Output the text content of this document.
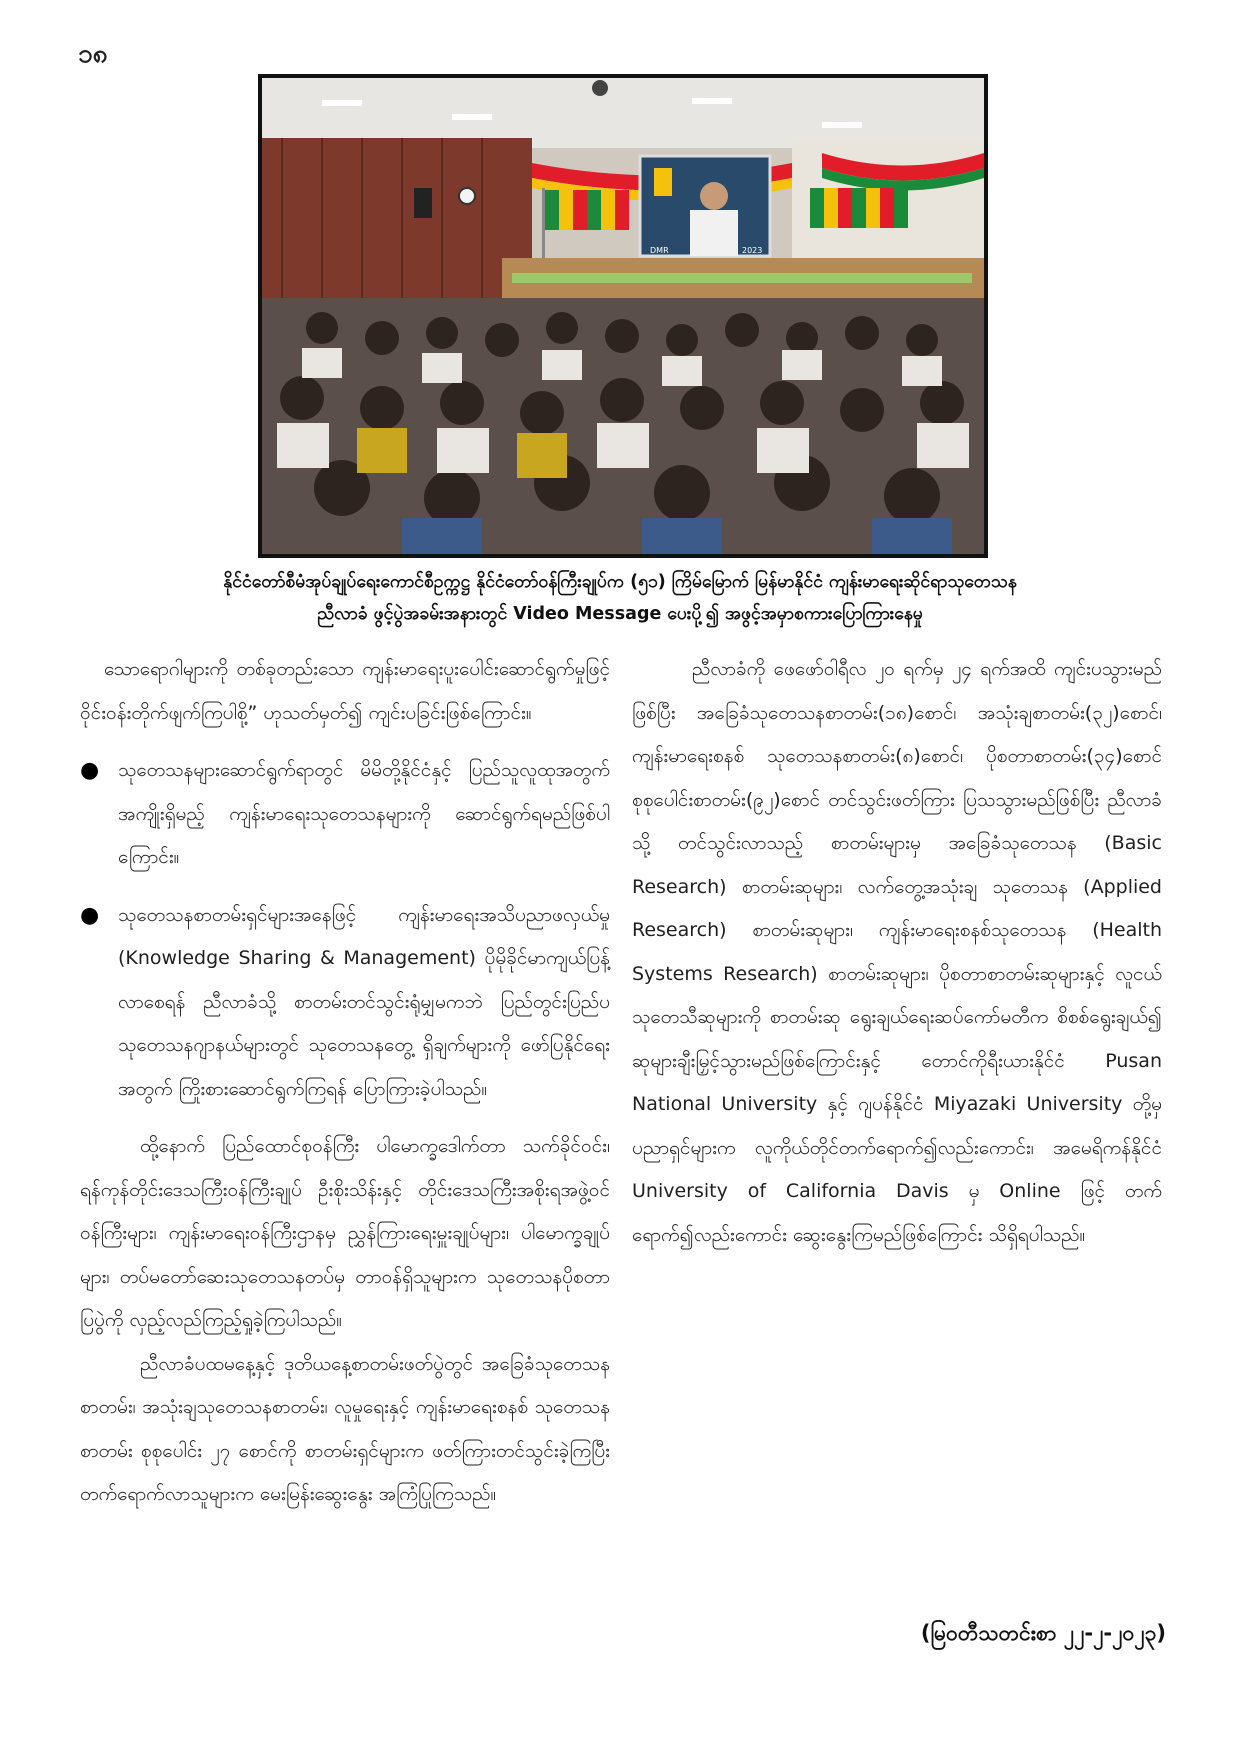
၁၈
DMR	2023
နိုင်ငံတော်စီမံအုပ်ချုပ်ရေးကောင်စီဥက္ကဋ္ဌ နိုင်ငံတော်ဝန်ကြီးချုပ်က (၅၁) ကြိမ်မြောက် မြန်မာနိုင်ငံ ကျန်းမာရေးဆိုင်ရာသုတေသန
ညီလာခံ ဖွင့်ပွဲအခမ်းအနားတွင် Video Message ပေးပို့၍ အဖွင့်အမှာစကားပြောကြားနေမှု

သောရောဂါများကို တစ်ခုတည်းသော ကျန်းမာရေးပူးပေါင်းဆောင်ရွက်မှုဖြင့် ဝိုင်းဝန်းတိုက်ဖျက်ကြပါစို့” ဟုသတ်မှတ်၍ ကျင်းပခြင်းဖြစ်ကြောင်း။

● သုတေသနများဆောင်ရွက်ရာတွင် မိမိတို့နိုင်ငံနှင့် ပြည်သူလူထုအတွက် အကျိုးရှိမည့် ကျန်းမာရေးသုတေသနများကို ဆောင်ရွက်ရမည်ဖြစ်ပါကြောင်း။
● သုတေသနစာတမ်းရှင်များအနေဖြင့် ကျန်းမာရေးအသိပညာဖလှယ်မှု (Knowledge Sharing & Management) ပိုမိုခိုင်မာကျယ်ပြန့်လာစေရန် ညီလာခံသို့ စာတမ်းတင်သွင်းရုံမျှမကဘဲ ပြည်တွင်းပြည်ပ သုတေသနဂျာနယ်များတွင် သုတေသနတွေ့ ရှိချက်များကို ဖော်ပြနိုင်ရေးအတွက် ကြိုးစားဆောင်ရွက်ကြရန် ပြောကြားခဲ့ပါသည်။

ထို့နောက် ပြည်ထောင်စုဝန်ကြီး ပါမောက္ခဒေါက်တာ သက်ခိုင်ဝင်း၊ ရန်ကုန်တိုင်းဒေသကြီးဝန်ကြီးချုပ် ဦးစိုးသိန်းနှင့် တိုင်းဒေသကြီးအစိုးရအဖွဲ့ဝင်ဝန်ကြီးများ၊ ကျန်းမာရေးဝန်ကြီးဌာနမှ ညွှန်ကြားရေးမှူးချုပ်များ၊ ပါမောက္ခချုပ်များ၊ တပ်မတော်ဆေးသုတေသနတပ်မှ တာဝန်ရှိသူများက သုတေသနပိုစတာပြပွဲကို လှည့်လည်ကြည့်ရှုခဲ့ကြပါသည်။

ညီလာခံပထမနေ့နှင့် ဒုတိယနေ့စာတမ်းဖတ်ပွဲတွင် အခြေခံသုတေသနစာတမ်း၊ အသုံးချသုတေသနစာတမ်း၊ လူမှုရေးနှင့် ကျန်းမာရေးစနစ် သုတေသနစာတမ်း စုစုပေါင်း ၂၇ စောင်ကို စာတမ်းရှင်များက ဖတ်ကြားတင်သွင်းခဲ့ကြပြီး တက်ရောက်လာသူများက မေးမြန်းဆွေးနွေး အကြံပြုကြသည်။

ညီလာခံကို ဖေဖော်ဝါရီလ ၂၀ ရက်မှ ၂၄ ရက်အထိ ကျင်းပသွားမည်ဖြစ်ပြီး အခြေခံသုတေသနစာတမ်း(၁၈)စောင်၊ အသုံးချစာတမ်း(၃၂)စောင်၊ ကျန်းမာရေးစနစ် သုတေသနစာတမ်း(၈)စောင်၊ ပိုစတာစာတမ်း(၃၄)စောင် စုစုပေါင်းစာတမ်း(၉၂)စောင် တင်သွင်းဖတ်ကြား ပြသသွားမည်ဖြစ်ပြီး ညီလာခံသို့ တင်သွင်းလာသည့် စာတမ်းများမှ အခြေခံသုတေသန (Basic Research) စာတမ်းဆုများ၊ လက်တွေ့အသုံးချ သုတေသန (Applied Research) စာတမ်းဆုများ၊ ကျန်းမာရေးစနစ်သုတေသန (Health Systems Research) စာတမ်းဆုများ၊ ပိုစတာစာတမ်းဆုများနှင့် လူငယ်သုတေသီဆုများကို စာတမ်းဆု ရွေးချယ်ရေးဆပ်ကော်မတီက စိစစ်ရွေးချယ်၍ ဆုများချီးမြှင့်သွားမည်ဖြစ်ကြောင်းနှင့် တောင်ကိုရီးယားနိုင်ငံ Pusan National University နှင့် ဂျပန်နိုင်ငံ Miyazaki University တို့မှ ပညာရှင်များက လူကိုယ်တိုင်တက်ရောက်၍လည်းကောင်း၊ အမေရိကန်နိုင်ငံ University of California Davis မှ Online ဖြင့် တက်ရောက်၍လည်းကောင်း ဆွေးနွေးကြမည်ဖြစ်ကြောင်း သိရှိရပါသည်။

(မြဝတီသတင်းစာ ၂၂-၂-၂၀၂၃)
